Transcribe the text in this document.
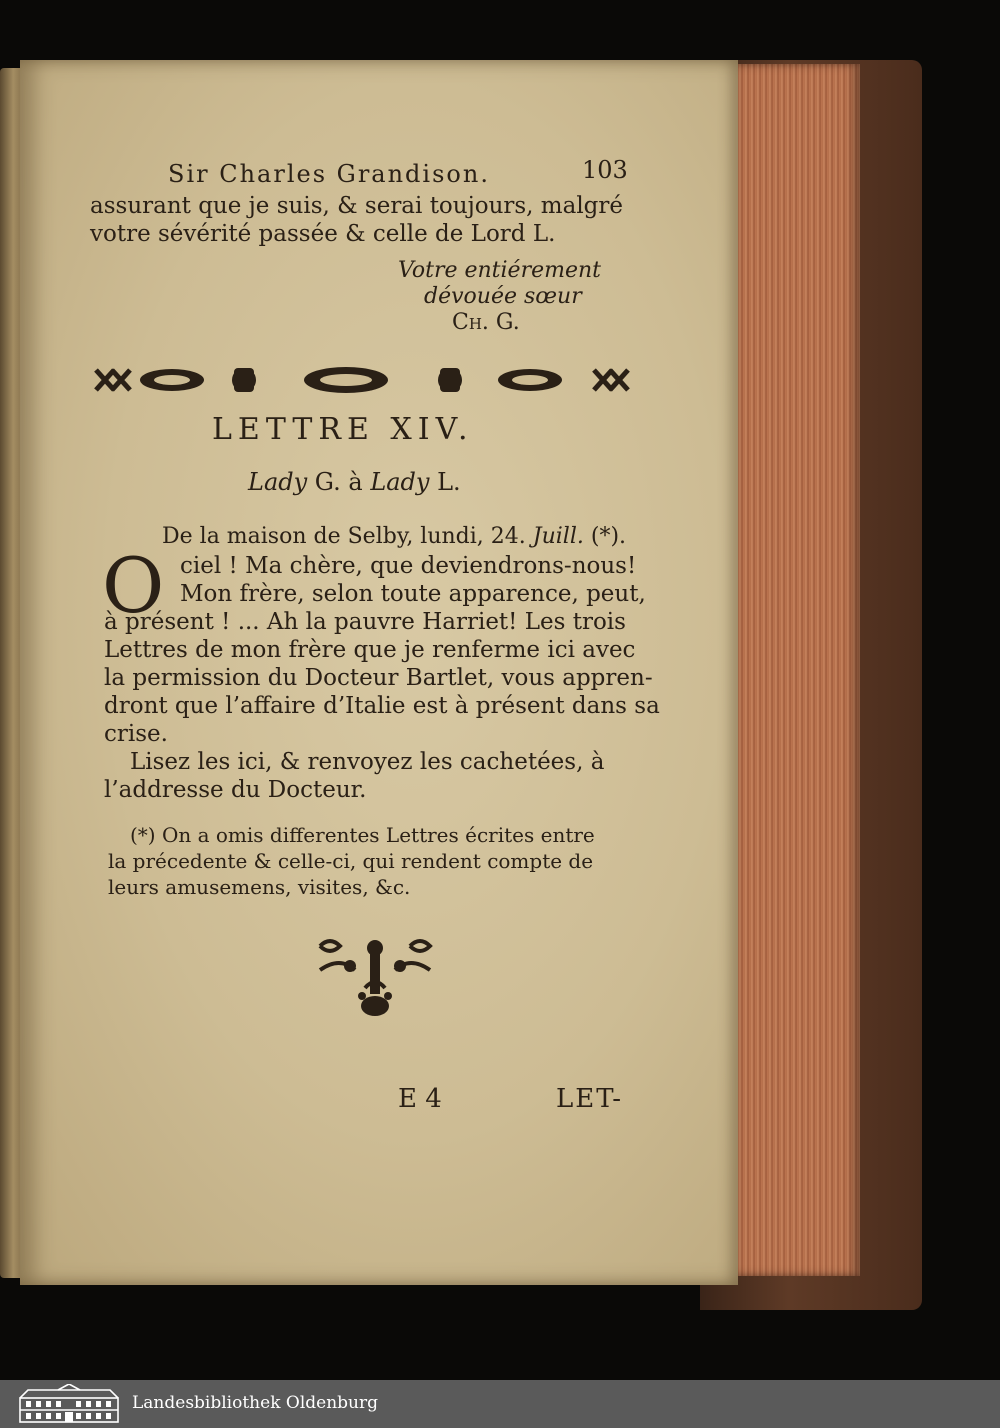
Sir Charles Grandison.	103
assurant que je suis, & serai toujours, malgré
votre sévérité passée & celle de Lord L.
Votre entiérement
dévouée sœur
Ch. G.
LETTRE XIV.
Lady G. à Lady L.
De la maison de Selby, lundi, 24. Juill. (*).
O ciel ! Ma chère, que deviendrons-nous!
Mon frère, selon toute apparence, peut,
à présent ! ... Ah la pauvre Harriet! Les trois
Lettres de mon frère que je renferme ici avec
la permission du Docteur Bartlet, vous appren-
dront que l’affaire d’Italie est à présent dans sa
crise.
Lisez les ici, & renvoyez les cachetées, à
l’addresse du Docteur.
(*) On a omis differentes Lettres écrites entre
la précedente & celle-ci, qui rendent compte de
leurs amusemens, visites, &c.
E 4	LET-
Landesbibliothek Oldenburg
